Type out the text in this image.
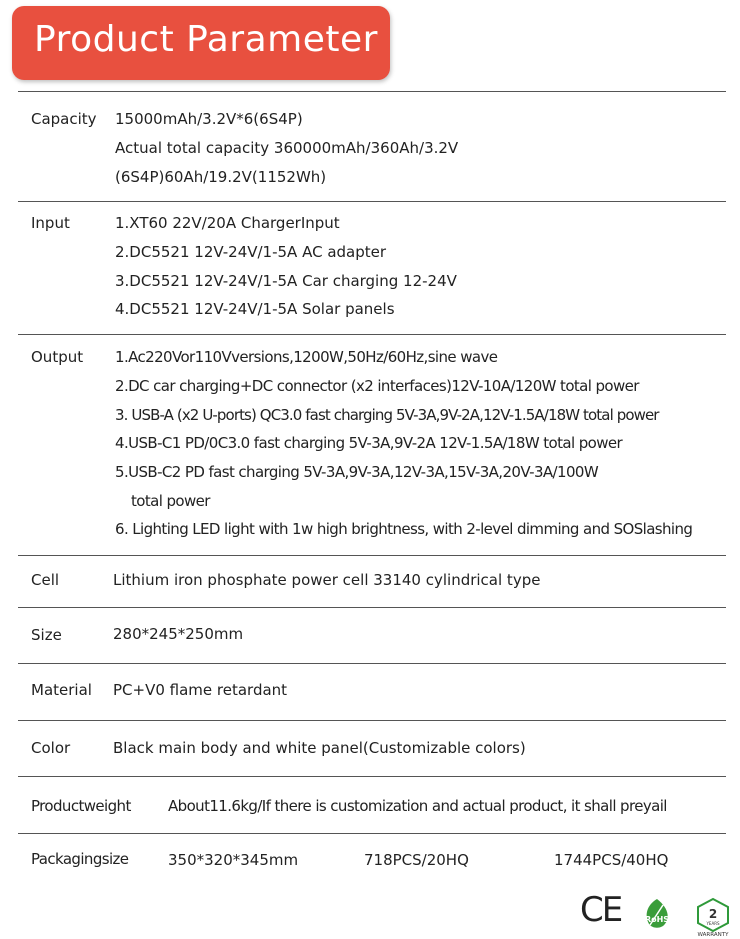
Product Parameter
Capacity 15000mAh/3.2V*6(6S4P)
Actual total capacity 360000mAh/360Ah/3.2V
(6S4P)60Ah/19.2V(1152Wh)
Input	1.XT60 22V/20A ChargerInput
2.DC5521 12V-24V/1-5A AC adapter
3.DC5521 12V-24V/1-5A Car charging 12-24V
4.DC5521 12V-24V/1-5A Solar panels
Output 1.Ac220Vor110Vversions,1200W,50Hz/60Hz,sine wave
2.DC car charging+DC connector (x2 interfaces)12V-10A/120W total power
3. USB-A (x2 U-ports) QC3.0 fast charging 5V-3A,9V-2A,12V-1.5A/18W total power
4.USB-C1 PD/0C3.0 fast charging 5V-3A,9V-2A 12V-1.5A/18W total power
5.USB-C2 PD fast charging 5V-3A,9V-3A,12V-3A,15V-3A,20V-3A/100W
total power
6. Lighting LED light with 1w high brightness, with 2-level dimming and SOSlashing
Cell	Lithium iron phosphate power cell 33140 cylindrical type
Size	280*245*250mm
Material PC+V0 flame retardant
Color	Black main body and white panel(Customizable colors)
Productweight About11.6kg/If there is customization and actual product, it shall preyail
Packagingsize	350*320*345mm	718PCS/20HQ	1744PCS/40HQ
CE	RoHS	2
YEARS
WARRANTY
